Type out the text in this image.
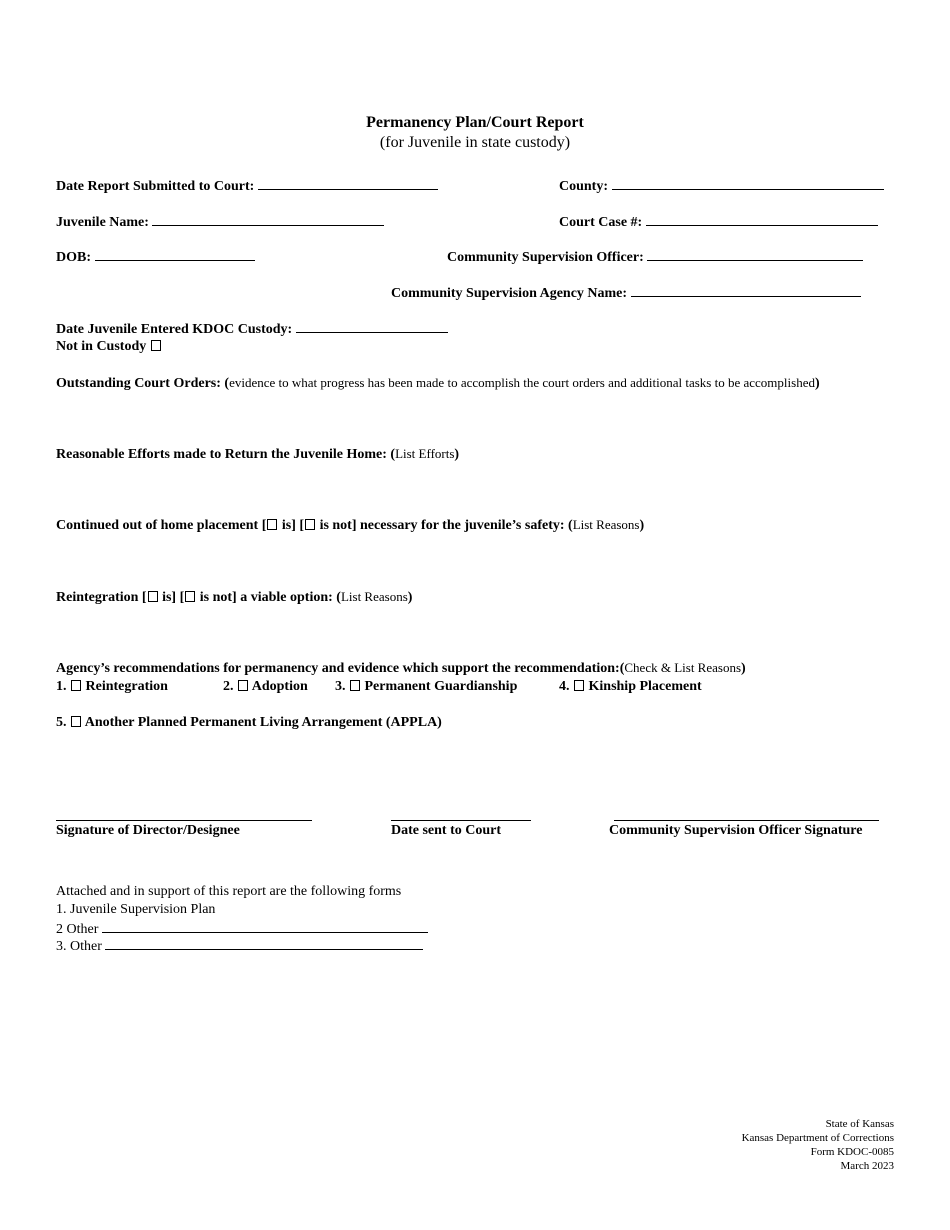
Permanency Plan/Court Report
(for Juvenile in state custody)
Date Report Submitted to Court:	County:
Juvenile Name:	Court Case #:
DOB:	Community Supervision Officer:
Community Supervision Agency Name:
Date Juvenile Entered KDOC Custody:
Not in Custody
Outstanding Court Orders: (evidence to what progress has been made to accomplish the court orders and additional tasks to be accomplished)
Reasonable Efforts made to Return the Juvenile Home: (List Efforts)
Continued out of home placement [ is] [ is not] necessary for the juvenile’s safety: (List Reasons)
Reintegration [ is] [ is not] a viable option: (List Reasons)
Agency’s recommendations for permanency and evidence which support the recommendation:(Check & List Reasons)
1. Reintegration	2. Adoption 3. Permanent Guardianship	4. Kinship Placement
5. Another Planned Permanent Living Arrangement (APPLA)
Signature of Director/Designee	Date sent to Court	Community Supervision Officer Signature
Attached and in support of this report are the following forms
1. Juvenile Supervision Plan
2 Other
3. Other
State of Kansas
Kansas Department of Corrections
Form KDOC-0085
March 2023
